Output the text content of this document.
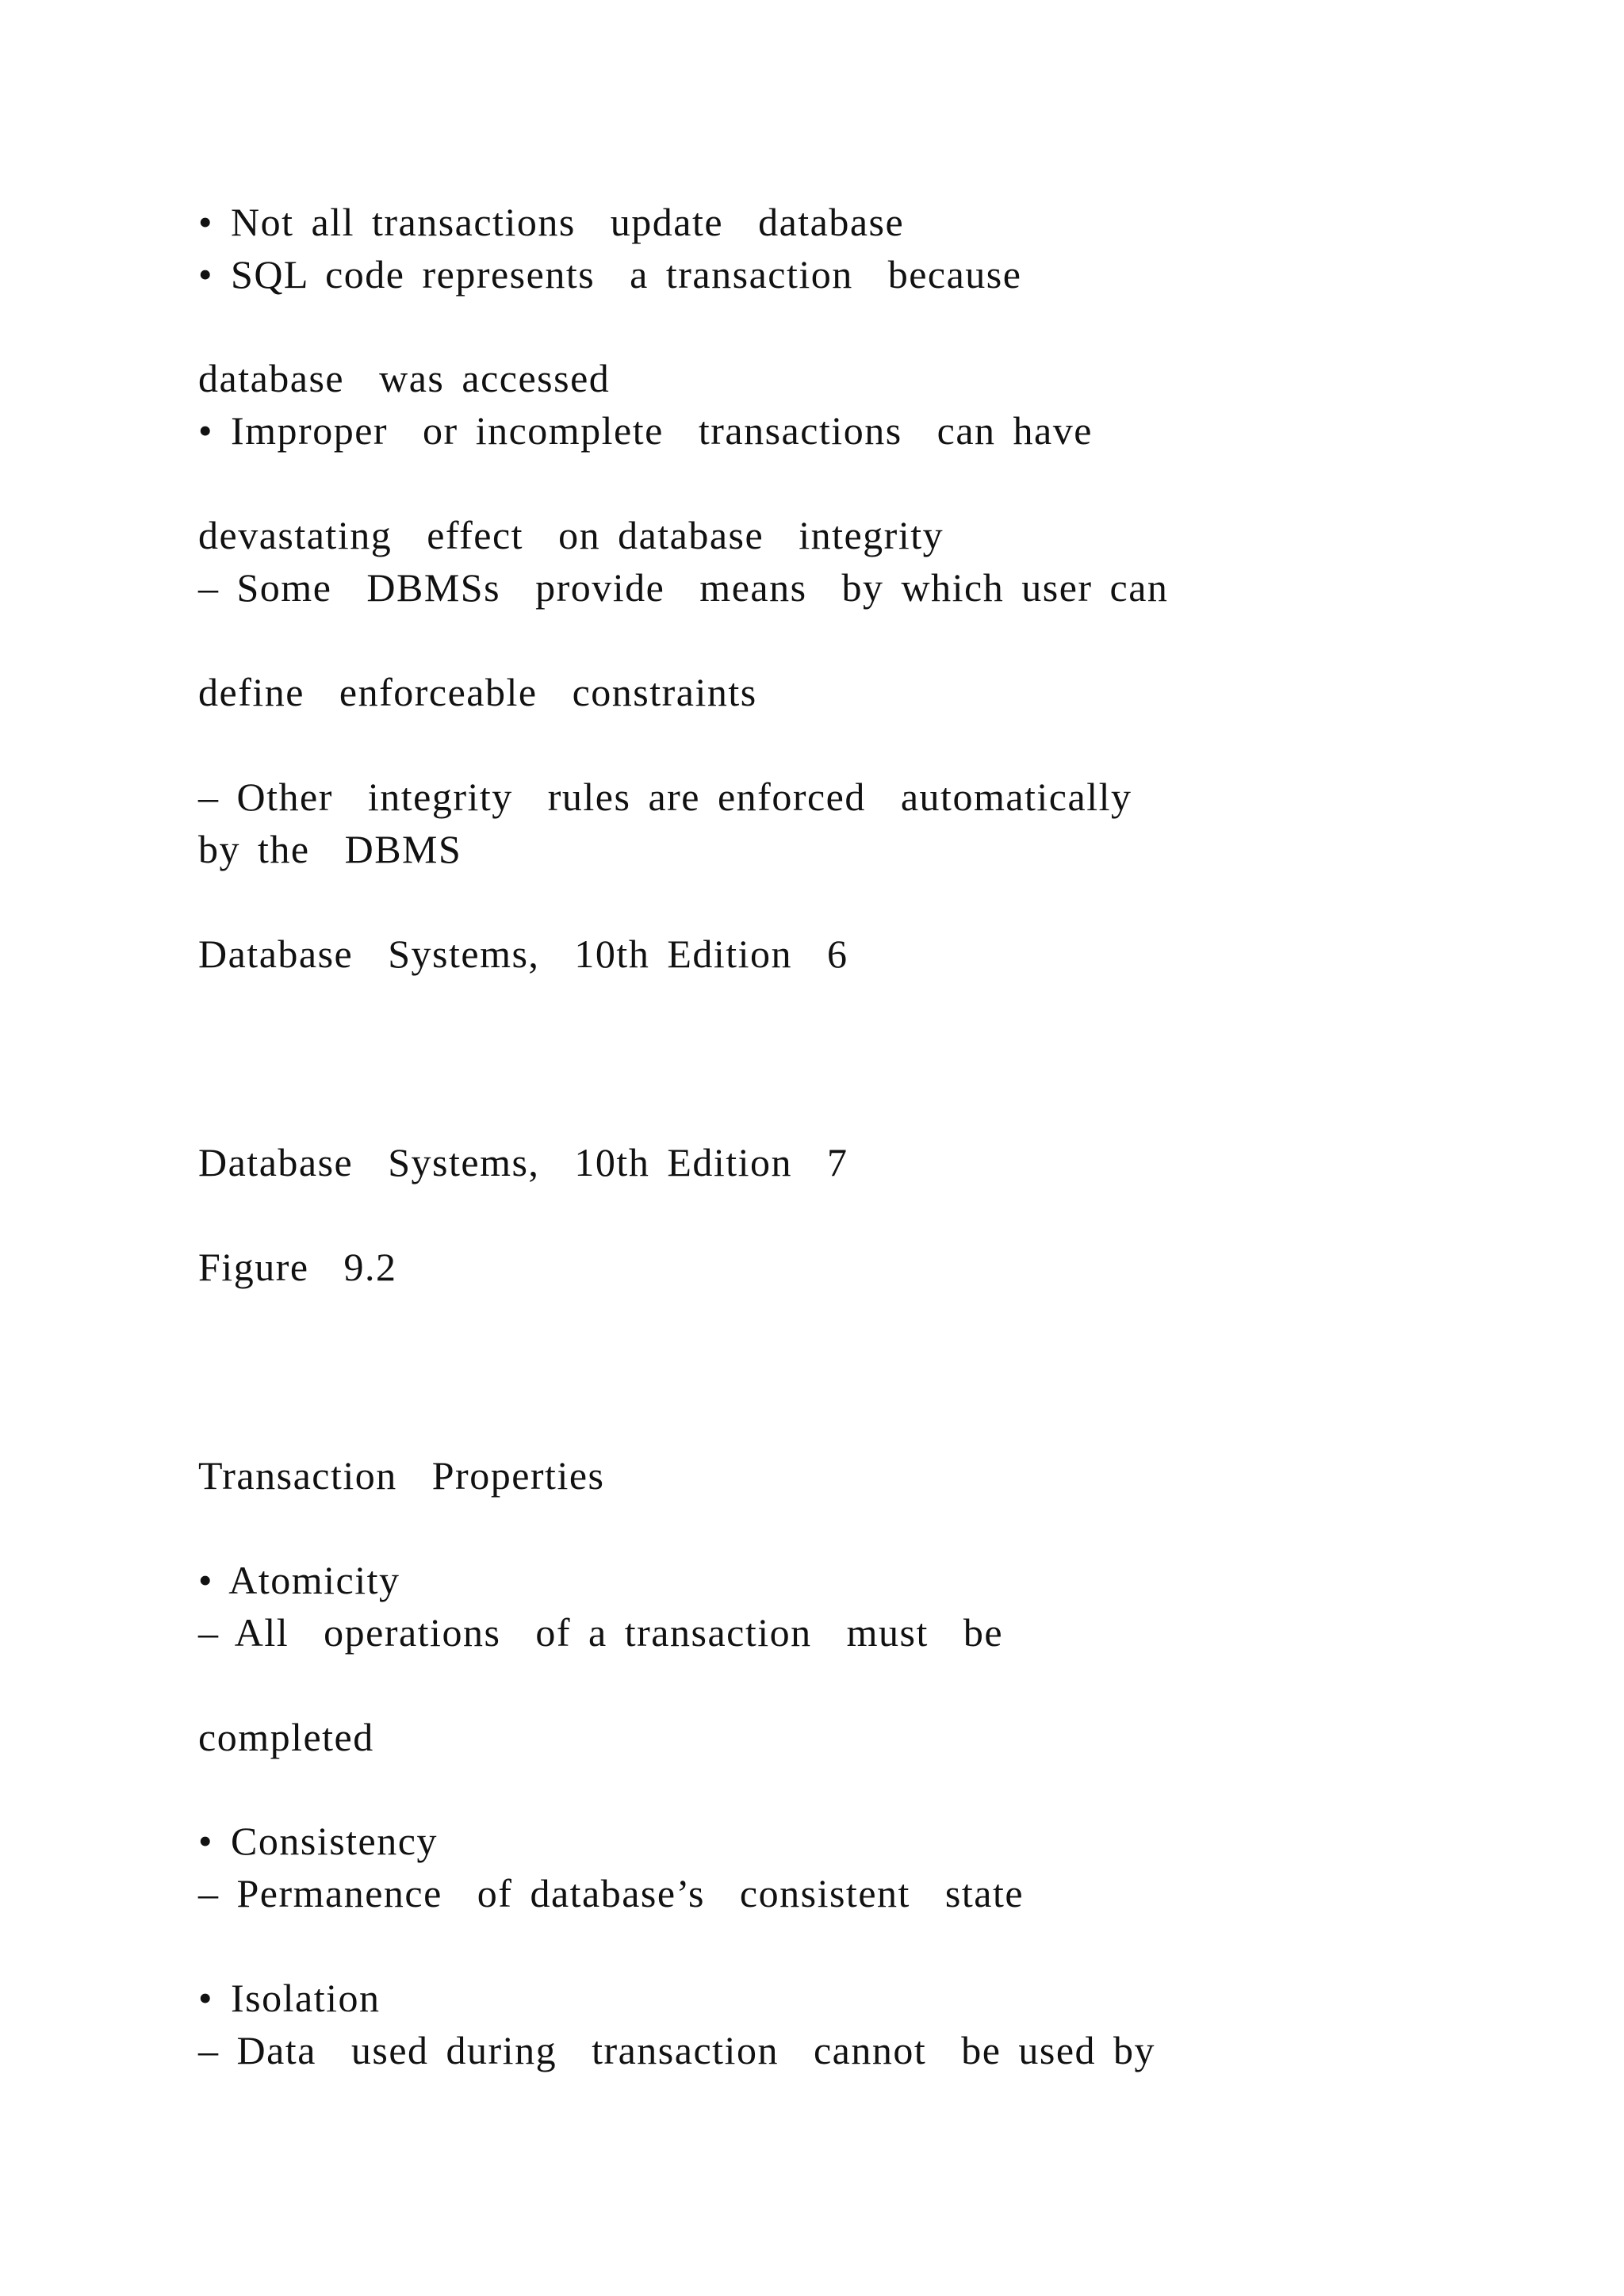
• Not all transactions  update  database
• SQL code represents  a transaction  because
database  was accessed
• Improper  or incomplete  transactions  can have
devastating  effect  on database  integrity
– Some  DBMSs  provide  means  by which user can
define  enforceable  constraints
– Other  integrity  rules are enforced  automatically
by the  DBMS
Database  Systems,  10th Edition  6
Database  Systems,  10th Edition  7
Figure  9.2
Transaction  Properties
• Atomicity
– All  operations  of a transaction  must  be
completed
• Consistency
– Permanence  of database’s  consistent  state
• Isolation
– Data  used during  transaction  cannot  be used by
